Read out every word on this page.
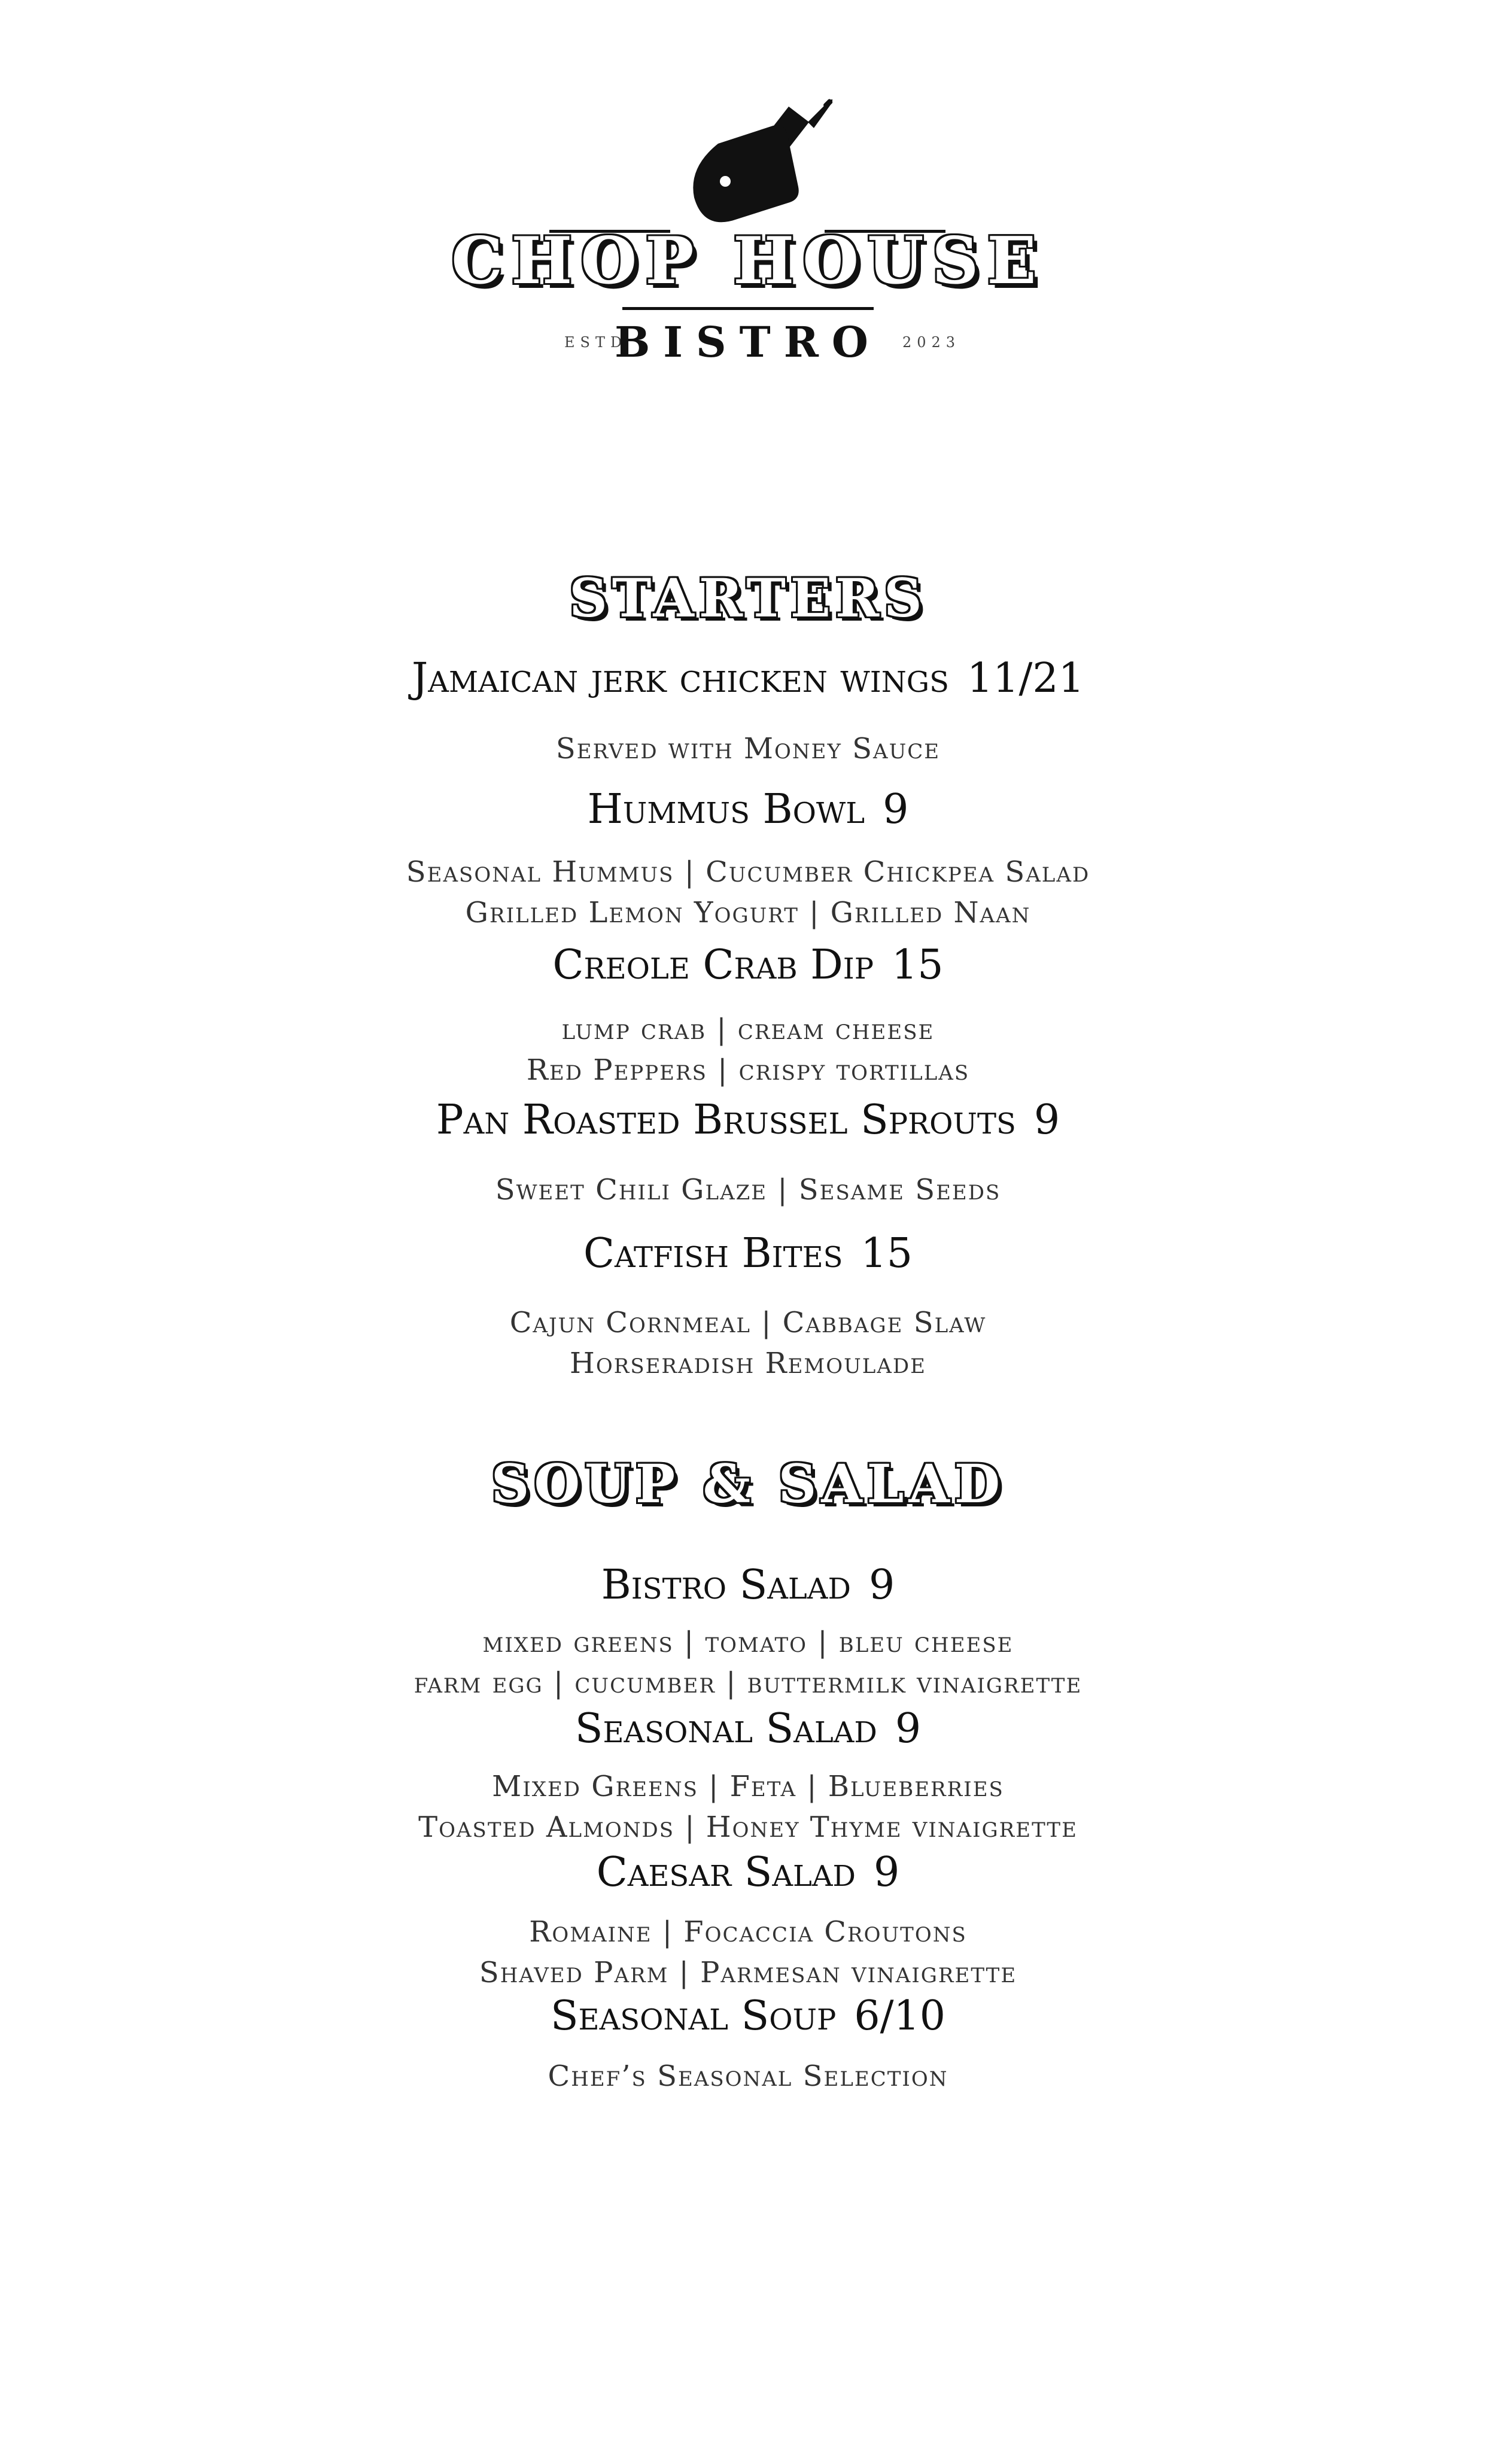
CHOP HOUSE
ESTD
BISTRO	2023
STARTERS
Jamaican jerk chicken wings 11/21
Served with Money Sauce
Hummus Bowl 9
Seasonal Hummus | Cucumber Chickpea Salad
Grilled Lemon Yogurt | Grilled Naan
Creole Crab Dip 15
lump crab | cream cheese
Red Peppers | crispy tortillas
Pan Roasted Brussel Sprouts 9
Sweet Chili Glaze | Sesame Seeds
Catfish Bites 15
Cajun Cornmeal | Cabbage Slaw
Horseradish Remoulade
SOUP & SALAD
Bistro Salad 9
mixed greens | tomato | bleu cheese
farm egg | cucumber | buttermilk vinaigrette
Seasonal Salad 9
Mixed Greens | Feta | Blueberries
Toasted Almonds | Honey Thyme vinaigrette
Caesar Salad 9
Romaine | Focaccia Croutons
Shaved Parm | Parmesan vinaigrette
Seasonal Soup 6/10
Chef’s Seasonal Selection
